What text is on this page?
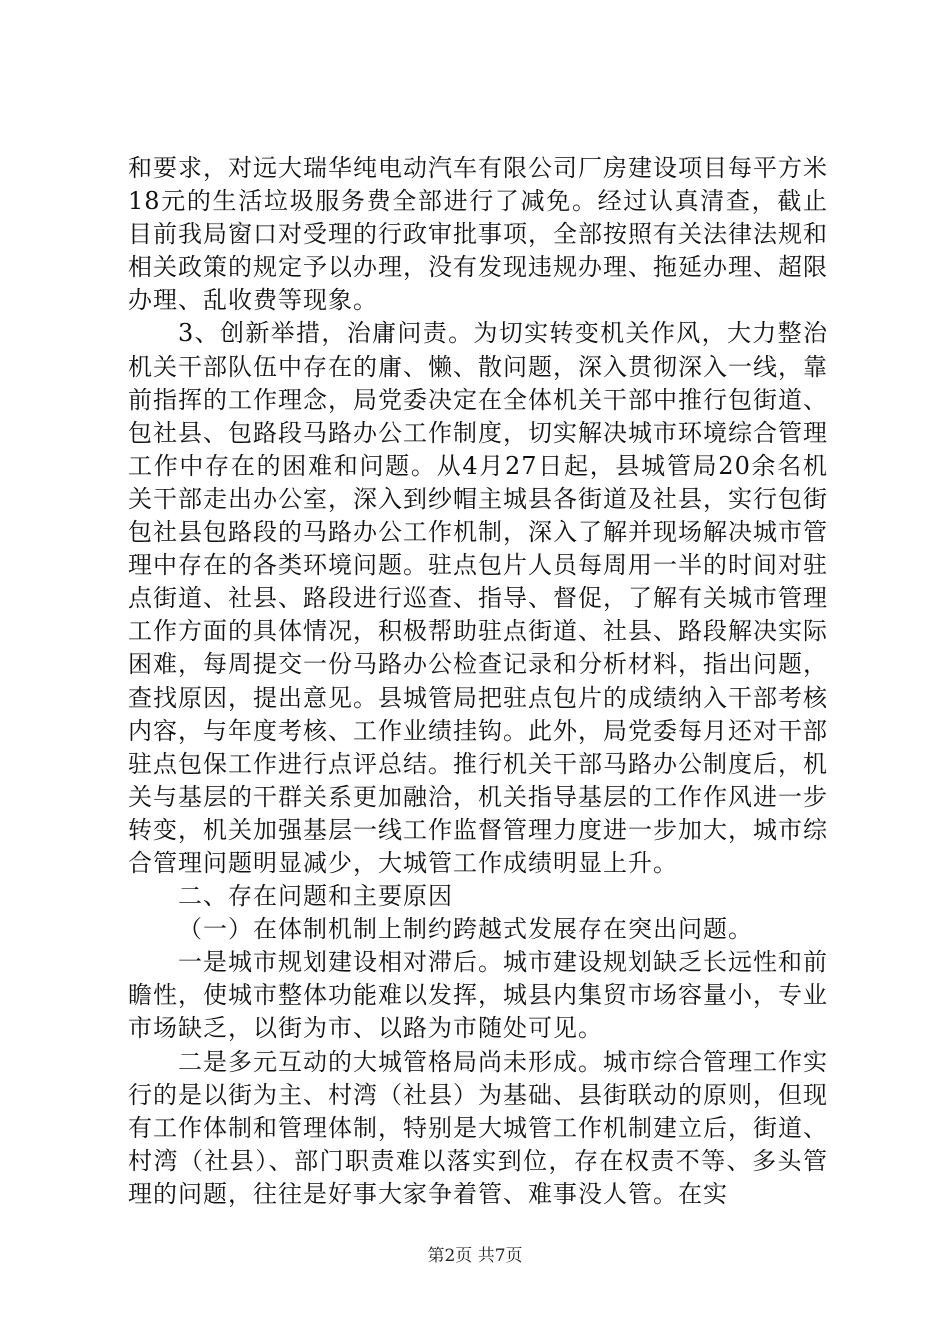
和要求，对远大瑞华纯电动汽车有限公司厂房建设项目每平方米18元的生活垃圾服务费全部进行了减免。经过认真清查，截止目前我局窗口对受理的行政审批事项，全部按照有关法律法规和相关政策的规定予以办理，没有发现违规办理、拖延办理、超限办理、乱收费等现象。

3、创新举措，治庸问责。为切实转变机关作风，大力整治机关干部队伍中存在的庸、懒、散问题，深入贯彻深入一线，靠前指挥的工作理念，局党委决定在全体机关干部中推行包街道、包社县、包路段马路办公工作制度，切实解决城市环境综合管理工作中存在的困难和问题。从4月27日起，县城管局20余名机关干部走出办公室，深入到纱帽主城县各街道及社县，实行包街包社县包路段的马路办公工作机制，深入了解并现场解决城市管理中存在的各类环境问题。驻点包片人员每周用一半的时间对驻点街道、社县、路段进行巡查、指导、督促，了解有关城市管理工作方面的具体情况，积极帮助驻点街道、社县、路段解决实际困难，每周提交一份马路办公检查记录和分析材料，指出问题，查找原因，提出意见。县城管局把驻点包片的成绩纳入干部考核内容，与年度考核、工作业绩挂钩。此外，局党委每月还对干部驻点包保工作进行点评总结。推行机关干部马路办公制度后，机关与基层的干群关系更加融洽，机关指导基层的工作作风进一步转变，机关加强基层一线工作监督管理力度进一步加大，城市综合管理问题明显减少，大城管工作成绩明显上升。

二、存在问题和主要原因

（一）在体制机制上制约跨越式发展存在突出问题。

一是城市规划建设相对滞后。城市建设规划缺乏长远性和前瞻性，使城市整体功能难以发挥，城县内集贸市场容量小，专业市场缺乏，以街为市、以路为市随处可见。

二是多元互动的大城管格局尚未形成。城市综合管理工作实行的是以街为主、村湾（社县）为基础、县街联动的原则，但现有工作体制和管理体制，特别是大城管工作机制建立后，街道、村湾（社县）、部门职责难以落实到位，存在权责不等、多头管理的问题，往往是好事大家争着管、难事没人管。在实

第2页 共7页
